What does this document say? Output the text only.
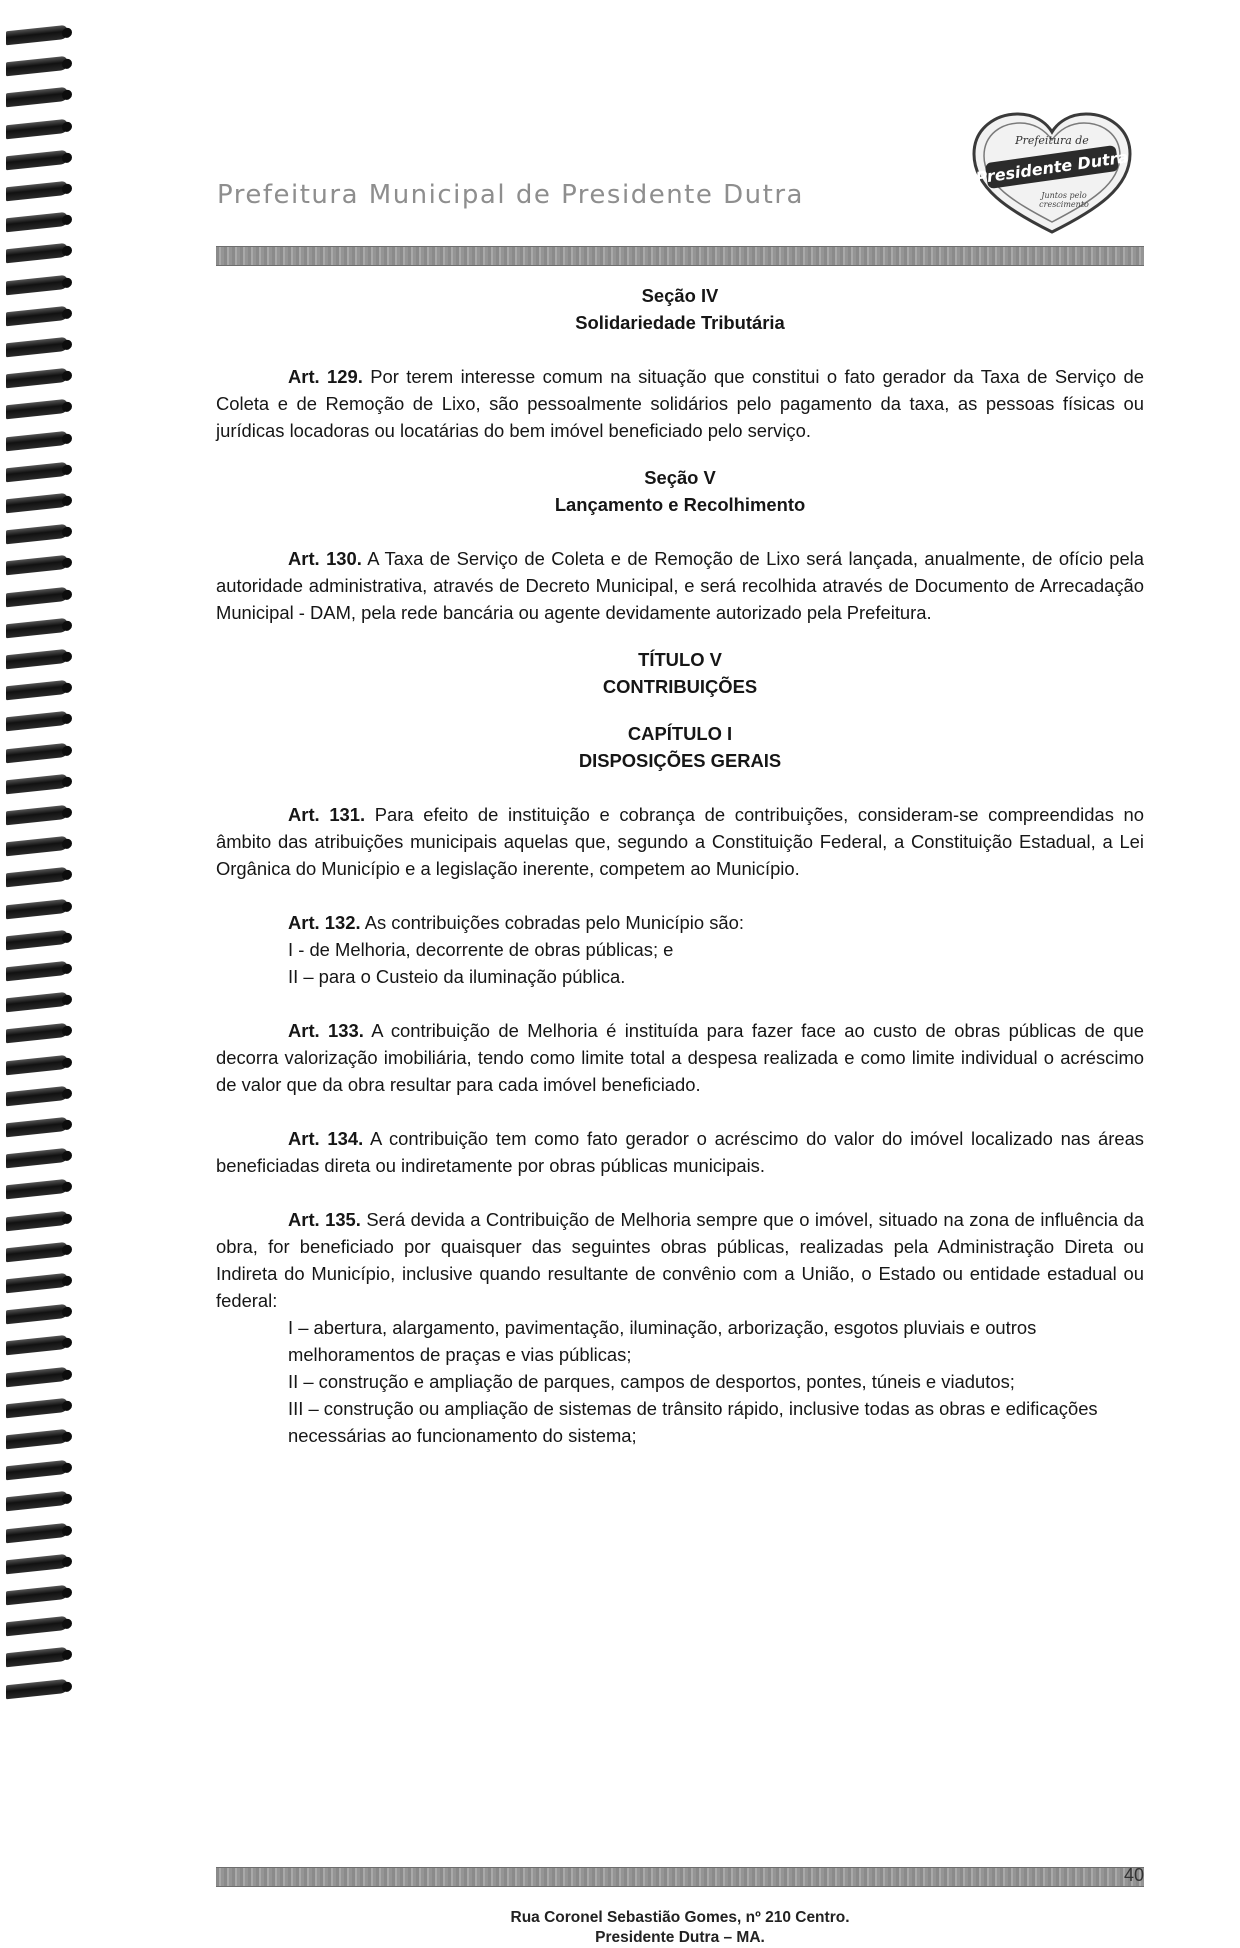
Prefeitura Municipal de Presidente Dutra
Prefeitura de
Presidente Dutra
Juntos pelo
crescimento
Seção IV
Solidariedade Tributária

Art. 129. Por terem interesse comum na situação que constitui o fato gerador da Taxa de Serviço de Coleta e de Remoção de Lixo, são pessoalmente solidários pelo pagamento da taxa, as pessoas físicas ou jurídicas locadoras ou locatárias do bem imóvel beneficiado pelo serviço.

Seção V
Lançamento e Recolhimento

Art. 130. A Taxa de Serviço de Coleta e de Remoção de Lixo será lançada, anualmente, de ofício pela autoridade administrativa, através de Decreto Municipal, e será recolhida através de Documento de Arrecadação Municipal - DAM, pela rede bancária ou agente devidamente autorizado pela Prefeitura.

TÍTULO V
CONTRIBUIÇÕES
CAPÍTULO I
DISPOSIÇÕES GERAIS

Art. 131. Para efeito de instituição e cobrança de contribuições, consideram-se compreendidas no âmbito das atribuições municipais aquelas que, segundo a Constituição Federal, a Constituição Estadual, a Lei Orgânica do Município e a legislação inerente, competem ao Município.

Art. 132. As contribuições cobradas pelo Município são:

I - de Melhoria, decorrente de obras públicas; e

II – para o Custeio da iluminação pública.

Art. 133. A contribuição de Melhoria é instituída para fazer face ao custo de obras públicas de que decorra valorização imobiliária, tendo como limite total a despesa realizada e como limite individual o acréscimo de valor que da obra resultar para cada imóvel beneficiado.

Art. 134. A contribuição tem como fato gerador o acréscimo do valor do imóvel localizado nas áreas beneficiadas direta ou indiretamente por obras públicas municipais.

Art. 135. Será devida a Contribuição de Melhoria sempre que o imóvel, situado na zona de influência da obra, for beneficiado por quaisquer das seguintes obras públicas, realizadas pela Administração Direta ou Indireta do Município, inclusive quando resultante de convênio com a União, o Estado ou entidade estadual ou federal:

I – abertura, alargamento, pavimentação, iluminação, arborização, esgotos pluviais e outros melhoramentos de praças e vias públicas;

II – construção e ampliação de parques, campos de desportos, pontes, túneis e viadutos;

III – construção ou ampliação de sistemas de trânsito rápido, inclusive todas as obras e edificações necessárias ao funcionamento do sistema;

40
Rua Coronel Sebastião Gomes, nº 210 Centro.
Presidente Dutra – MA.
